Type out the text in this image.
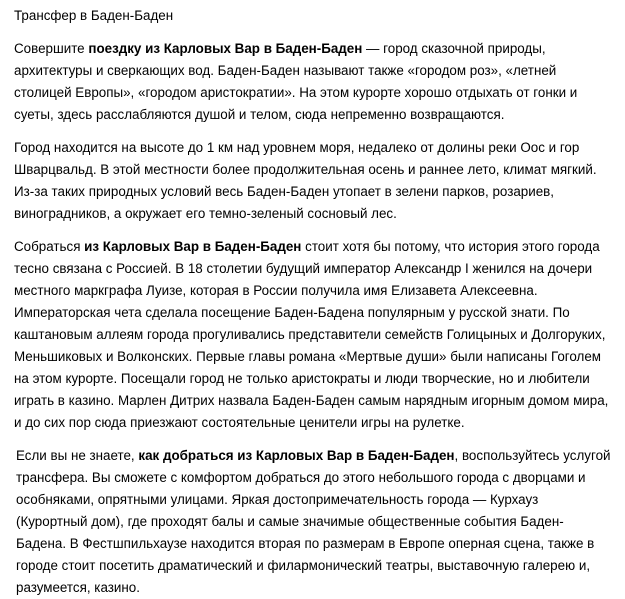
Трансфер в Баден-Баден

Совершите поездку из Карловых Вар в Баден-Баден — город сказочной природы, архитектуры и сверкающих вод. Баден-Баден называют также «городом роз», «летней столицей Европы», «городом аристократии». На этом курорте хорошо отдыхать от гонки и суеты, здесь расслабляются душой и телом, сюда непременно возвращаются.

Город находится на высоте до 1 км над уровнем моря, недалеко от долины реки Оос и гор Шварцвальд. В этой местности более продолжительная осень и раннее лето, климат мягкий. Из-за таких природных условий весь Баден-Баден утопает в зелени парков, розариев, виноградников, а окружает его темно-зеленый сосновый лес.

Собраться из Карловых Вар в Баден-Баден стоит хотя бы потому, что история этого города тесно связана с Россией. В 18 столетии будущий император Александр I женился на дочери местного маркграфа Луизе, которая в России получила имя Елизавета Алексеевна. Императорская чета сделала посещение Баден-Бадена популярным у русской знати. По каштановым аллеям города прогуливались представители семейств Голицыных и Долгоруких, Меньшиковых и Волконских. Первые главы романа «Мертвые души» были написаны Гоголем на этом курорте. Посещали город не только аристократы и люди творческие, но и любители играть в казино. Марлен Дитрих назвала Баден-Баден самым нарядным игорным домом мира, и до сих пор сюда приезжают состоятельные ценители игры на рулетке.

Если вы не знаете, как добраться из Карловых Вар в Баден-Баден, воспользуйтесь услугой трансфера. Вы сможете с комфортом добраться до этого небольшого города с дворцами и особняками, опрятными улицами. Яркая достопримечательность города — Курхауз (Курортный дом), где проходят балы и самые значимые общественные события Баден-Бадена. В Фестшпильхаузе находится вторая по размерам в Европе оперная сцена, также в городе стоит посетить драматический и филармонический театры, выставочную галерею и, разумеется, казино.
